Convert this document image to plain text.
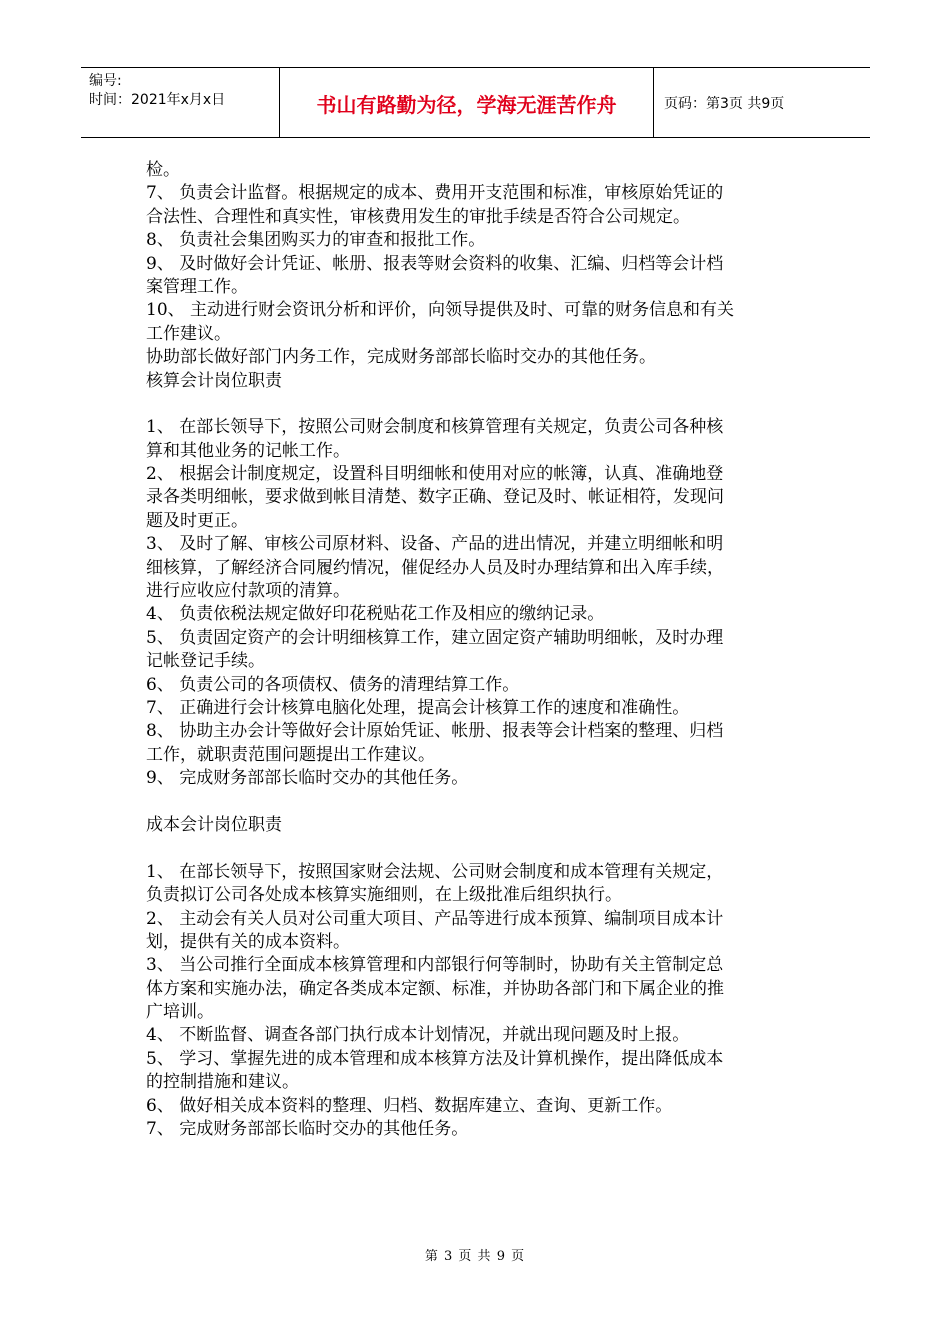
编号:
时间：2021年x月x日	书山有路勤为径，学海无涯苦作舟	页码：第3页 共9页
检。
7、 负责会计监督。根据规定的成本、费用开支范围和标准，审核原始凭证的
合法性、合理性和真实性，审核费用发生的审批手续是否符合公司规定。
8、 负责社会集团购买力的审查和报批工作。
9、 及时做好会计凭证、帐册、报表等财会资料的收集、汇编、归档等会计档
案管理工作。
10、 主动进行财会资讯分析和评价，向领导提供及时、可靠的财务信息和有关
工作建议。
协助部长做好部门内务工作，完成财务部部长临时交办的其他任务。
核算会计岗位职责
1、 在部长领导下，按照公司财会制度和核算管理有关规定，负责公司各种核
算和其他业务的记帐工作。
2、 根据会计制度规定，设置科目明细帐和使用对应的帐簿，认真、准确地登
录各类明细帐，要求做到帐目清楚、数字正确、登记及时、帐证相符，发现问
题及时更正。
3、 及时了解、审核公司原材料、设备、产品的进出情况，并建立明细帐和明
细核算，了解经济合同履约情况，催促经办人员及时办理结算和出入库手续，
进行应收应付款项的清算。
4、 负责依税法规定做好印花税贴花工作及相应的缴纳记录。
5、 负责固定资产的会计明细核算工作，建立固定资产辅助明细帐，及时办理
记帐登记手续。
6、 负责公司的各项债权、债务的清理结算工作。
7、 正确进行会计核算电脑化处理，提高会计核算工作的速度和准确性。
8、 协助主办会计等做好会计原始凭证、帐册、报表等会计档案的整理、归档
工作，就职责范围问题提出工作建议。
9、 完成财务部部长临时交办的其他任务。
成本会计岗位职责
1、 在部长领导下，按照国家财会法规、公司财会制度和成本管理有关规定，
负责拟订公司各处成本核算实施细则，在上级批准后组织执行。
2、 主动会有关人员对公司重大项目、产品等进行成本预算、编制项目成本计
划，提供有关的成本资料。
3、 当公司推行全面成本核算管理和内部银行何等制时，协助有关主管制定总
体方案和实施办法，确定各类成本定额、标准，并协助各部门和下属企业的推
广培训。
4、 不断监督、调查各部门执行成本计划情况，并就出现问题及时上报。
5、 学习、掌握先进的成本管理和成本核算方法及计算机操作，提出降低成本
的控制措施和建议。
6、 做好相关成本资料的整理、归档、数据库建立、查询、更新工作。
7、 完成财务部部长临时交办的其他任务。
第 3 页 共 9 页
